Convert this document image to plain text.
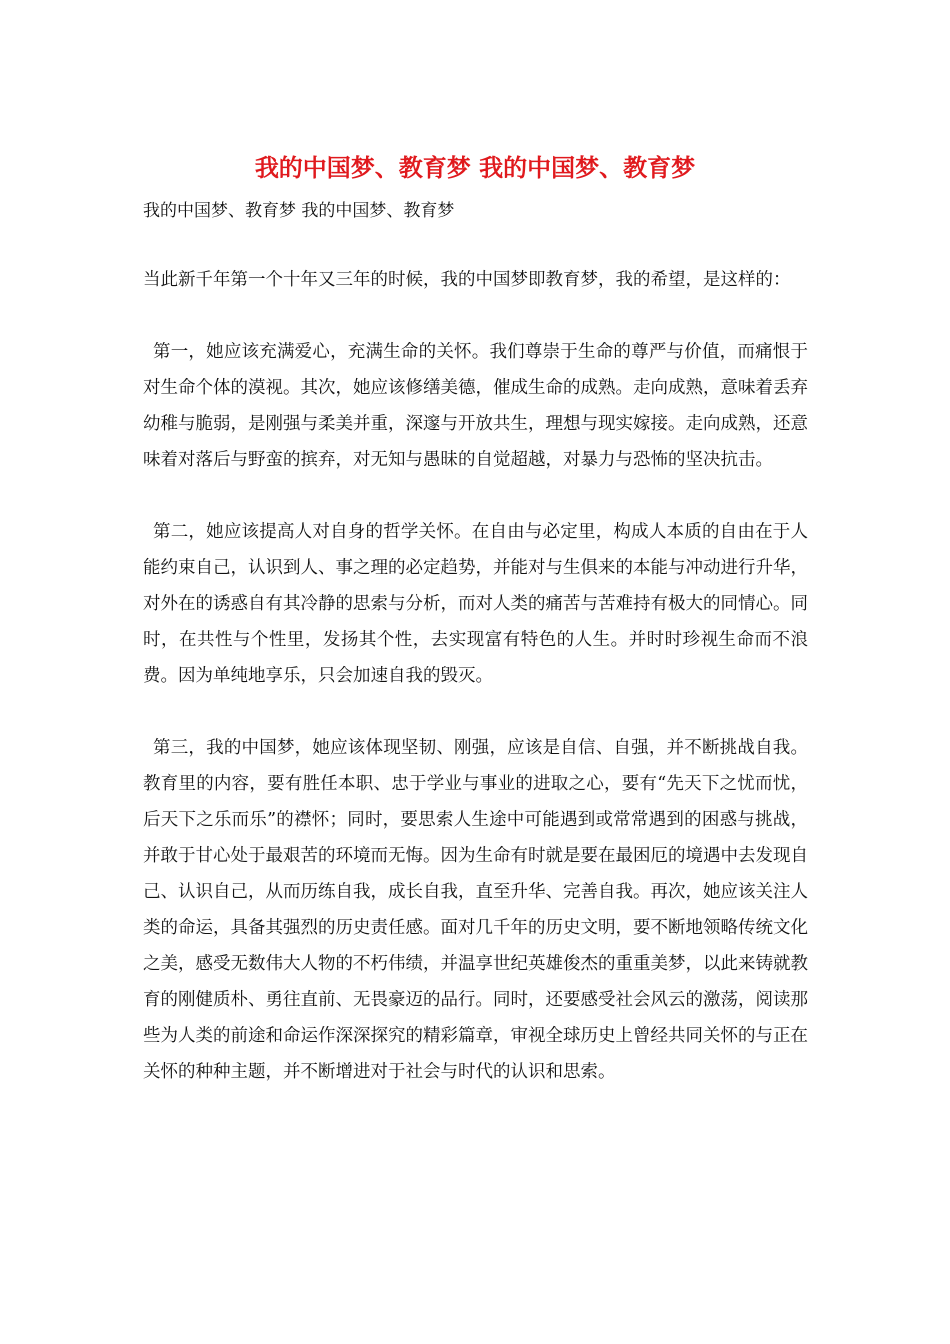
我的中国梦、教育梦 我的中国梦、教育梦

我的中国梦、教育梦 我的中国梦、教育梦

当此新千年第一个十年又三年的时候，我的中国梦即教育梦，我的希望，是这样的：

第一，她应该充满爱心，充满生命的关怀。我们尊崇于生命的尊严与价值，而痛恨于对生命个体的漠视。其次，她应该修缮美德，催成生命的成熟。走向成熟，意味着丢弃幼稚与脆弱，是刚强与柔美并重，深邃与开放共生，理想与现实嫁接。走向成熟，还意味着对落后与野蛮的摈弃，对无知与愚昧的自觉超越，对暴力与恐怖的坚决抗击。

第二，她应该提高人对自身的哲学关怀。在自由与必定里，构成人本质的自由在于人能约束自己，认识到人、事之理的必定趋势，并能对与生俱来的本能与冲动进行升华，对外在的诱惑自有其冷静的思索与分析，而对人类的痛苦与苦难持有极大的同情心。同时，在共性与个性里，发扬其个性，去实现富有特色的人生。并时时珍视生命而不浪费。因为单纯地享乐，只会加速自我的毁灭。

第三，我的中国梦，她应该体现坚韧、刚强，应该是自信、自强，并不断挑战自我。教育里的内容，要有胜任本职、忠于学业与事业的进取之心，要有“先天下之忧而忧，后天下之乐而乐”的襟怀；同时，要思索人生途中可能遇到或常常遇到的困惑与挑战，并敢于甘心处于最艰苦的环境而无悔。因为生命有时就是要在最困厄的境遇中去发现自己、认识自己，从而历练自我，成长自我，直至升华、完善自我。再次，她应该关注人类的命运，具备其强烈的历史责任感。面对几千年的历史文明，要不断地领略传统文化之美，感受无数伟大人物的不朽伟绩，并温享世纪英雄俊杰的重重美梦，以此来铸就教育的刚健质朴、勇往直前、无畏豪迈的品行。同时，还要感受社会风云的激荡，阅读那些为人类的前途和命运作深深探究的精彩篇章，审视全球历史上曾经共同关怀的与正在关怀的种种主题，并不断增进对于社会与时代的认识和思索。
